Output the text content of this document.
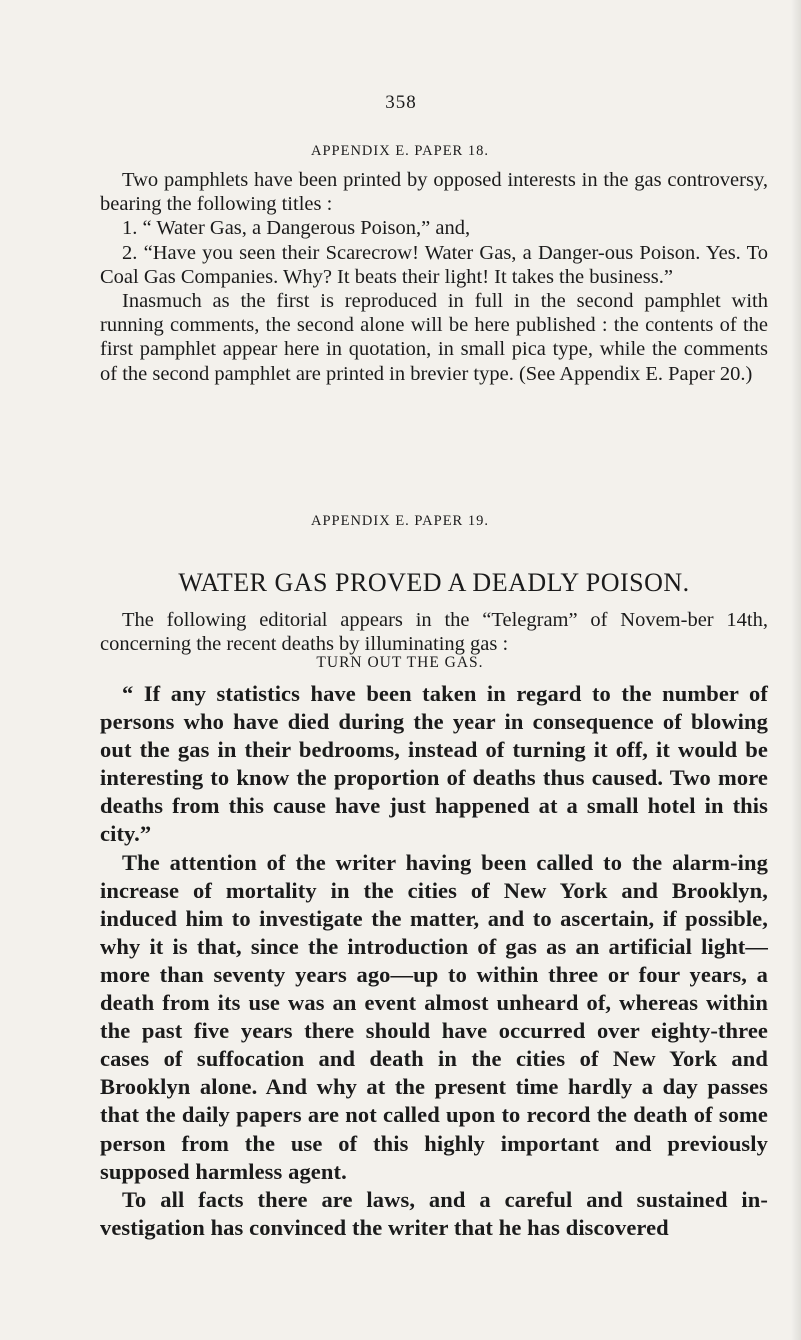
358
APPENDIX E. PAPER 18.

Two pamphlets have been printed by opposed interests in the gas controversy, bearing the following titles :

1. “ Water Gas, a Dangerous Poison,” and,

2. “Have you seen their Scarecrow! Water Gas, a Danger-ous Poison. Yes. To Coal Gas Companies. Why? It beats their light! It takes the business.”

Inasmuch as the first is reproduced in full in the second pamphlet with running comments, the second alone will be here published : the contents of the first pamphlet appear here in quotation, in small pica type, while the comments of the second pamphlet are printed in brevier type. (See Appendix E. Paper 20.)

APPENDIX E. PAPER 19.
WATER GAS PROVED A DEADLY POISON.

The following editorial appears in the “Telegram” of Novem-ber 14th, concerning the recent deaths by illuminating gas :

TURN OUT THE GAS.

“ If any statistics have been taken in regard to the number of persons who have died during the year in consequence of blowing out the gas in their bedrooms, instead of turning it off, it would be interesting to know the proportion of deaths thus caused. Two more deaths from this cause have just happened at a small hotel in this city.”

The attention of the writer having been called to the alarm-ing increase of mortality in the cities of New York and Brooklyn, induced him to investigate the matter, and to ascertain, if possible, why it is that, since the introduction of gas as an artificial light—more than seventy years ago—up to within three or four years, a death from its use was an event almost unheard of, whereas within the past five years there should have occurred over eighty-three cases of suffocation and death in the cities of New York and Brooklyn alone. And why at the present time hardly a day passes that the daily papers are not called upon to record the death of some person from the use of this highly important and previously supposed harmless agent.

To all facts there are laws, and a careful and sustained in-vestigation has convinced the writer that he has discovered
